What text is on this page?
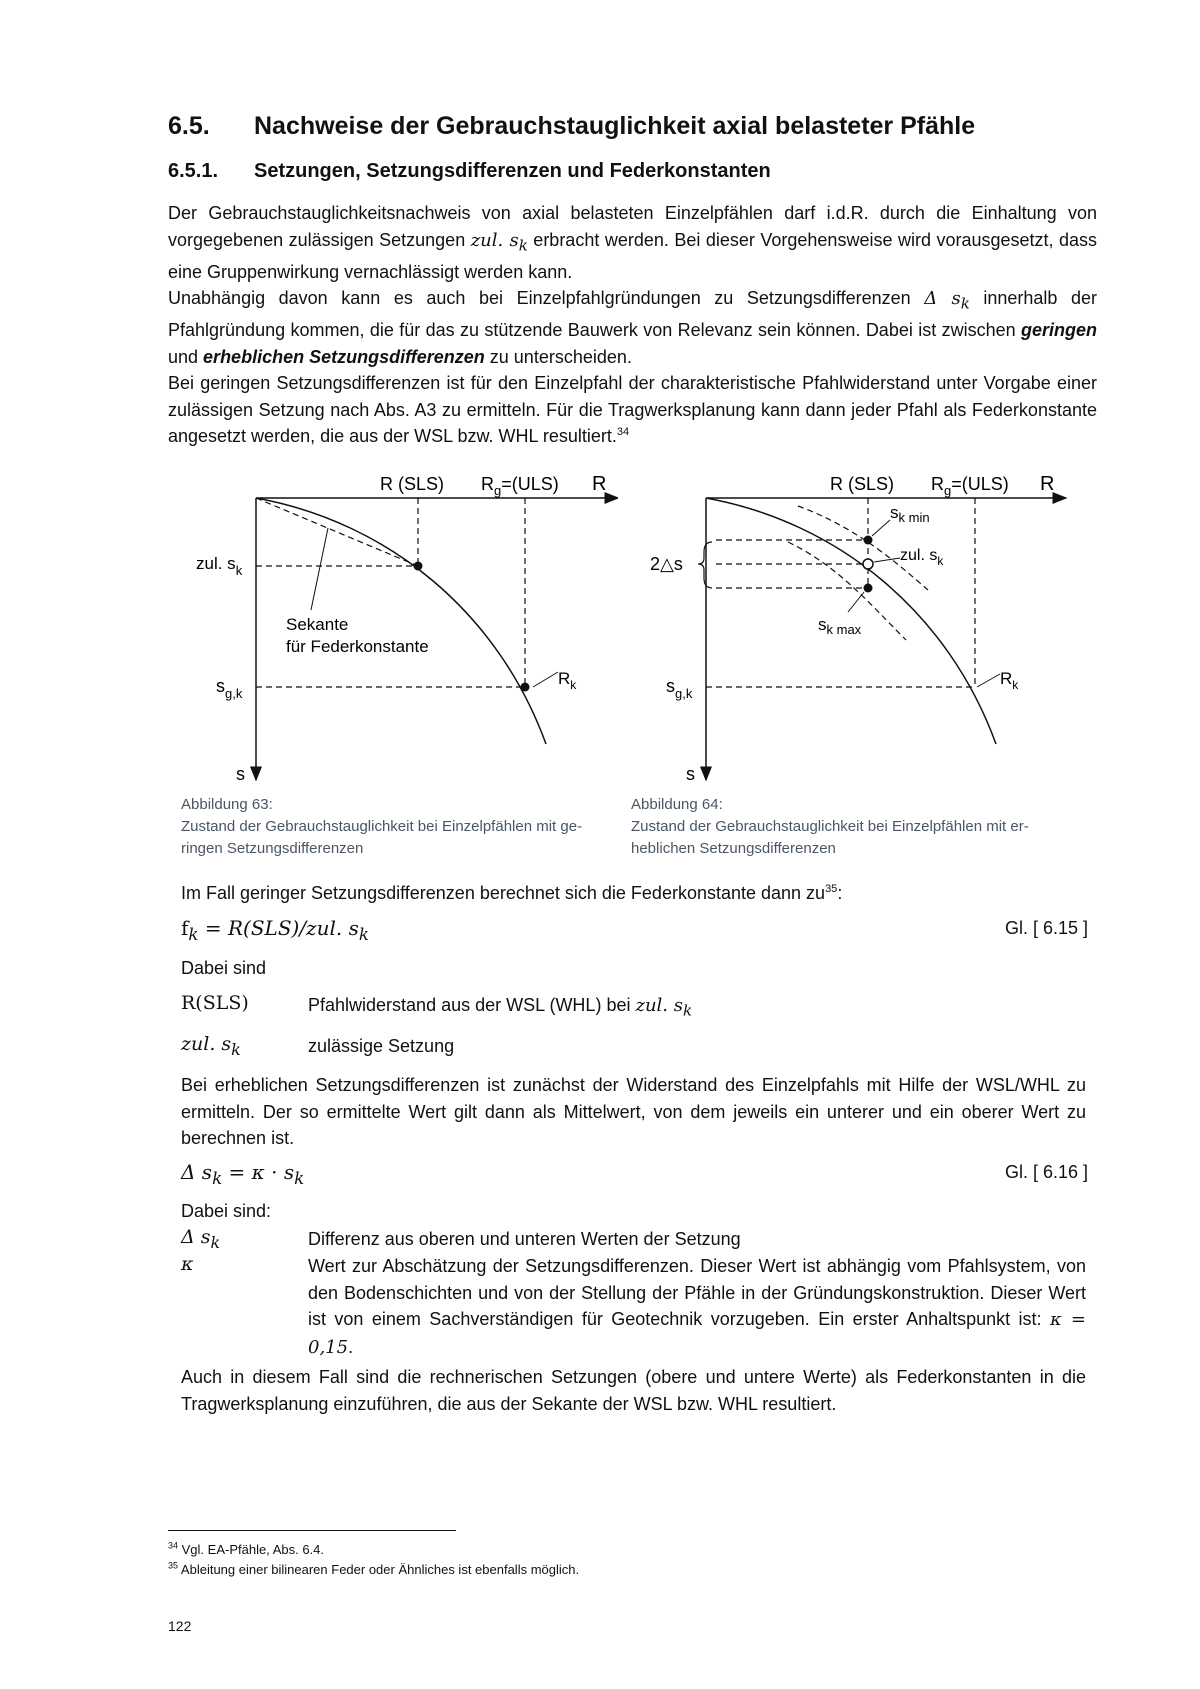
6.5. Nachweise der Gebrauchstauglichkeit axial belasteter Pfähle
6.5.1. Setzungen, Setzungsdifferenzen und Federkonstanten
Der Gebrauchstauglichkeitsnachweis von axial belasteten Einzelpfählen darf i.d.R. durch die Einhaltung von vorgegebenen zulässigen Setzungen zul. $s_k$ erbracht werden. Bei dieser Vorgehensweise wird vorausgesetzt, dass eine Gruppenwirkung vernachlässigt werden kann.
Unabhängig davon kann es auch bei Einzelpfahlgründungen zu Setzungsdifferenzen Δ $s_k$ innerhalb der Pfahlgründung kommen, die für das zu stützende Bauwerk von Relevanz sein können. Dabei ist zwischen geringen und erheblichen Setzungsdifferenzen zu unterscheiden.
Bei geringen Setzungsdifferenzen ist für den Einzelpfahl der charakteristische Pfahlwiderstand unter Vorgabe einer zulässigen Setzung nach Abs. A3 zu ermitteln. Für die Tragwerksplanung kann dann jeder Pfahl als Federkonstante angesetzt werden, die aus der WSL bzw. WHL resultiert.$^{34}$
R (SLS) $R_g=(ULS)$ R
zul. $s_k$
Sekante
für Federkonstante
$s_{g,k}$
$R_k$
s
Abbildung 63:
Zustand der Gebrauchstauglichkeit bei Einzelpfählen mit ge-
ringen Setzungsdifferenzen
R (SLS) $R_g=(ULS)$ R
$s_{k min}$
2△s	zul. $s_k$
$s_{k max}$
$s_{g,k}$
$R_k$
s
Abbildung 64:
Zustand der Gebrauchstauglichkeit bei Einzelpfählen mit er-
heblichen Setzungsdifferenzen
Im Fall geringer Setzungsdifferenzen berechnet sich die Federkonstante dann zu$^{35}$:
$f_k = R(SLS)/zul$. $s_k$	Gl. [ 6.15 ]
Dabei sind
R(SLS)	Pfahlwiderstand aus der WSL (WHL) bei zul. $s_k$
zul. $s_k$	zulässige Setzung
Bei erheblichen Setzungsdifferenzen ist zunächst der Widerstand des Einzelpfahls mit Hilfe der WSL/WHL zu ermitteln. Der so ermittelte Wert gilt dann als Mittelwert, von dem jeweils ein unterer und ein oberer Wert zu berechnen ist.
Δ $s_k = \kappa \cdot s_k$	Gl. [ 6.16 ]
Dabei sind:
Δ $s_k$	Differenz aus oberen und unteren Werten der Setzung
κ	Wert zur Abschätzung der Setzungsdifferenzen. Dieser Wert ist abhängig vom Pfahlsystem, von den Bodenschichten und von der Stellung der Pfähle in der Gründungskonstruktion. Dieser Wert ist von einem Sachverständigen für Geotechnik vorzugeben. Ein erster Anhaltspunkt ist: κ = 0,15.
Auch in diesem Fall sind die rechnerischen Setzungen (obere und untere Werte) als Federkonstanten in die Tragwerksplanung einzuführen, die aus der Sekante der WSL bzw. WHL resultiert.
$^{34}$ Vgl. EA-Pfähle, Abs. 6.4.
$^{35}$ Ableitung einer bilinearen Feder oder Ähnliches ist ebenfalls möglich.
122
